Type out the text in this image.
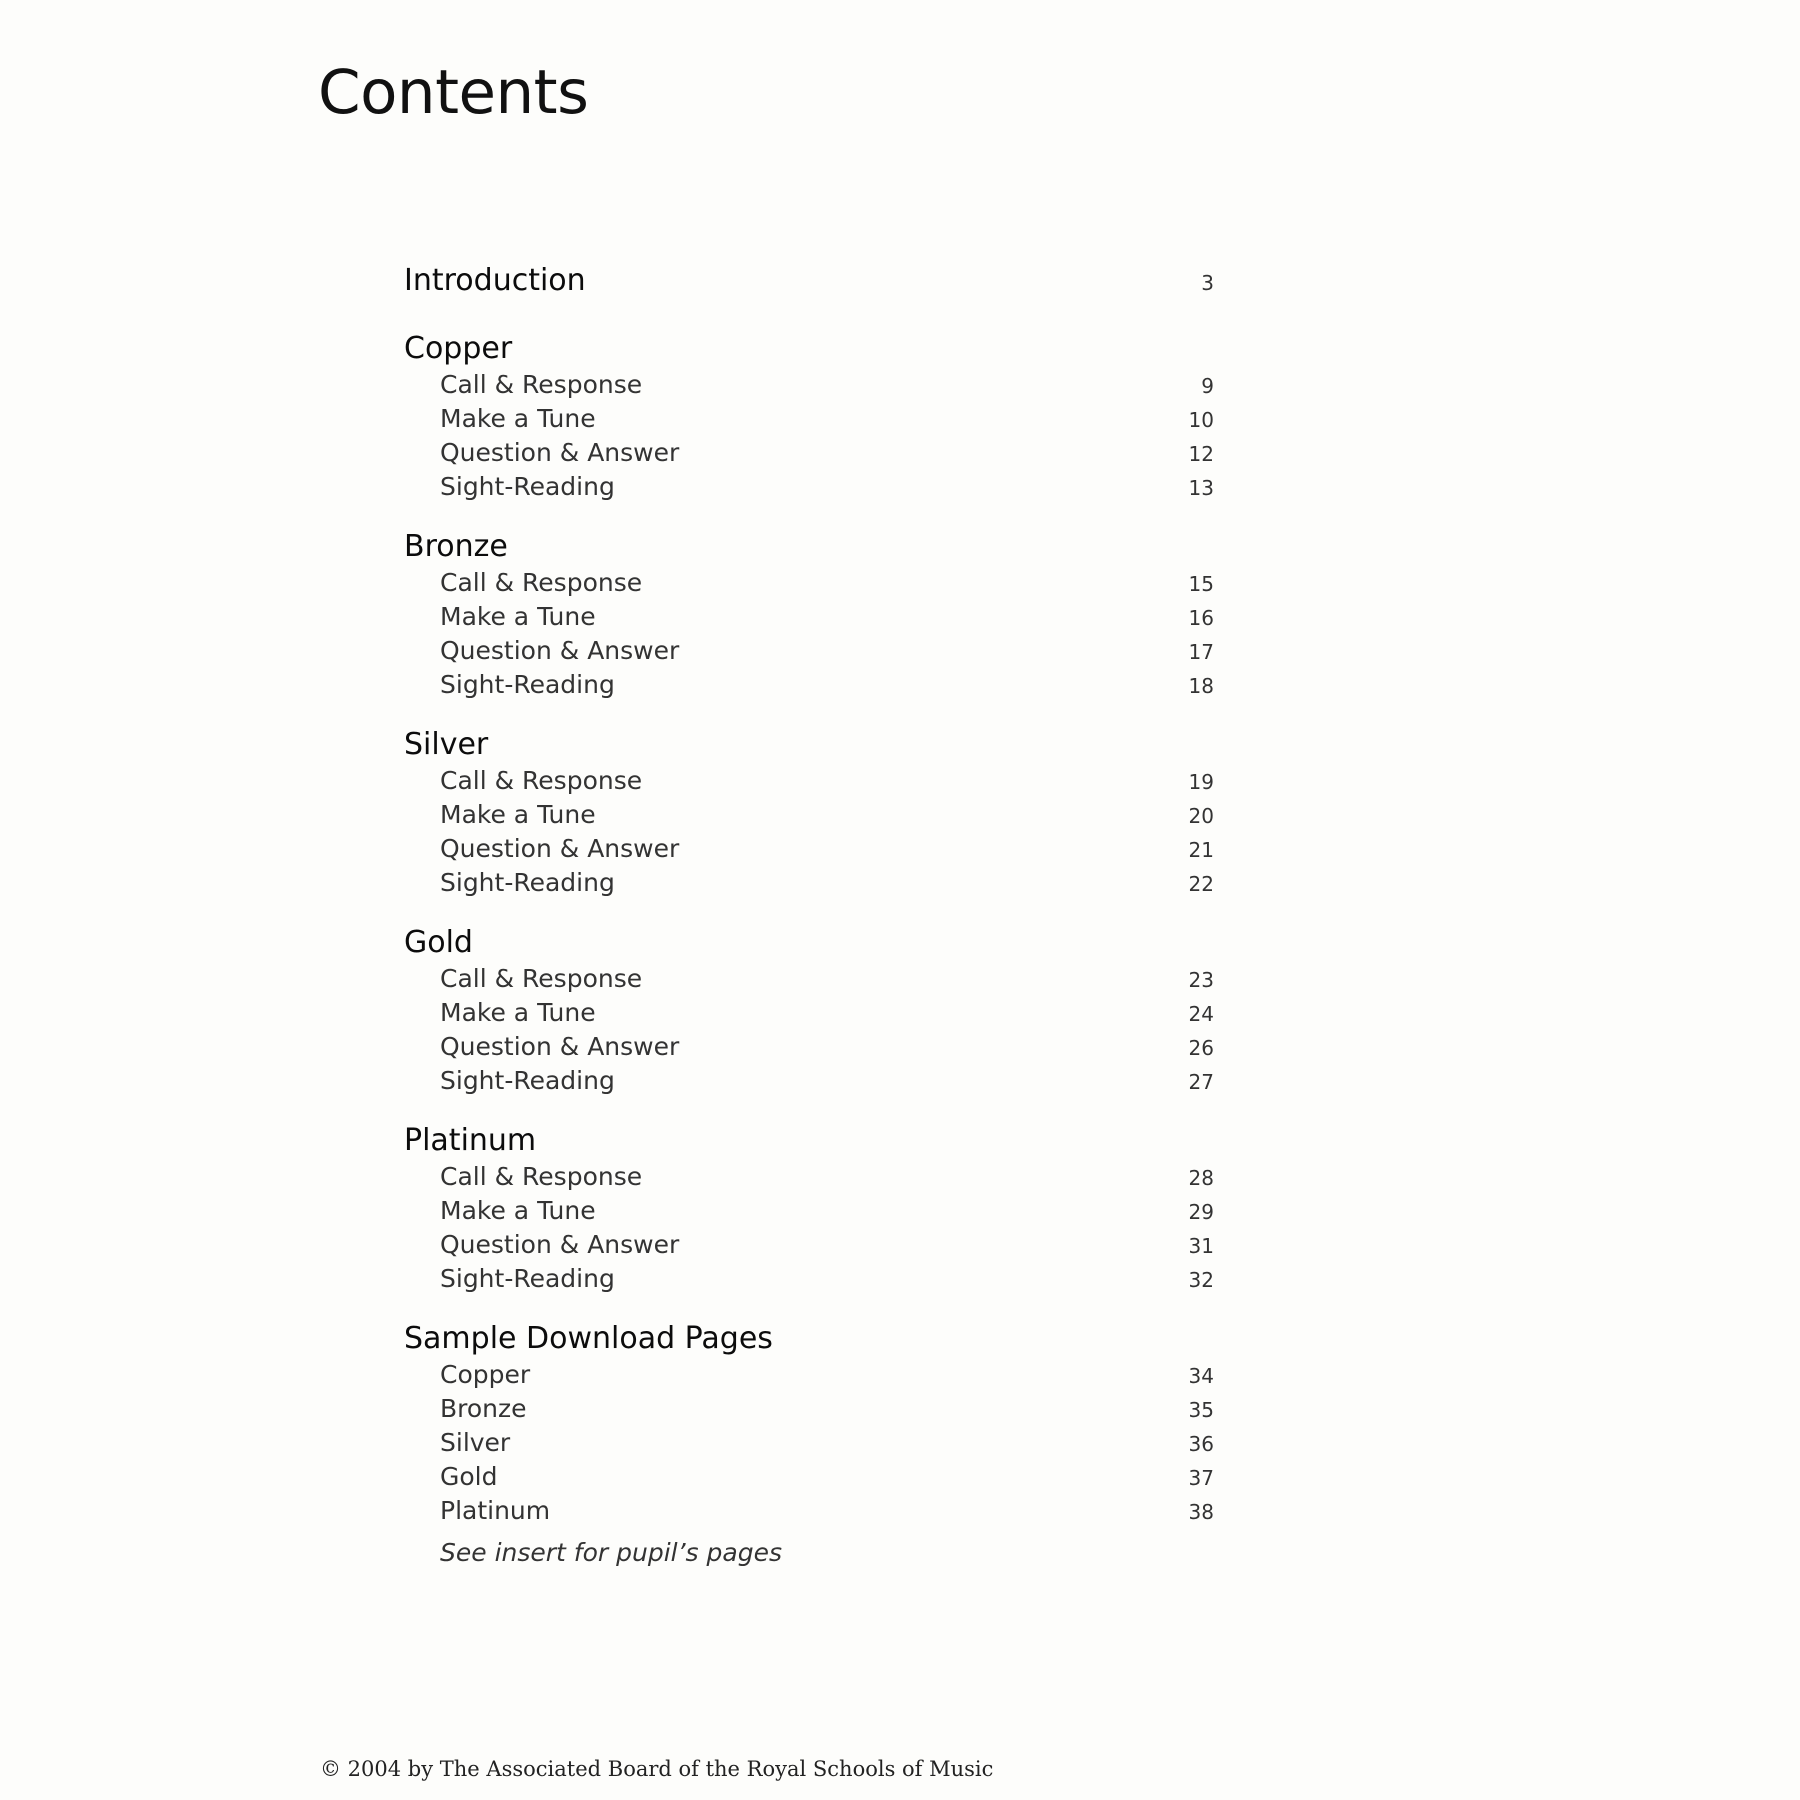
Contents
Introduction	3
Copper
Call & Response	9
Make a Tune	10
Question & Answer	12
Sight-Reading	13
Bronze
Call & Response	15
Make a Tune	16
Question & Answer	17
Sight-Reading	18
Silver
Call & Response	19
Make a Tune	20
Question & Answer	21
Sight-Reading	22
Gold
Call & Response	23
Make a Tune	24
Question & Answer	26
Sight-Reading	27
Platinum
Call & Response	28
Make a Tune	29
Question & Answer	31
Sight-Reading	32
Sample Download Pages
Copper	34
Bronze	35
Silver	36
Gold	37
Platinum	38
See insert for pupil’s pages
© 2004 by The Associated Board of the Royal Schools of Music
